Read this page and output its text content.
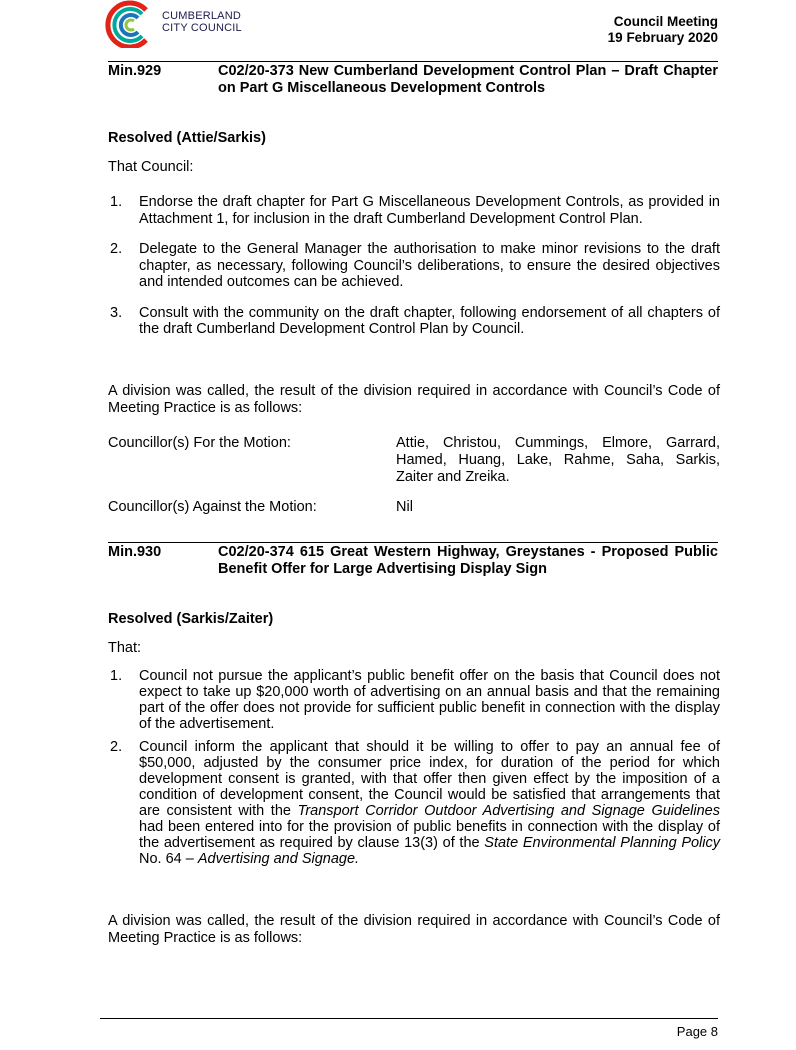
CUMBERLAND
CITY COUNCIL	Council Meeting
19 February 2020
Min.929	C02/20-373 New Cumberland Development Control Plan – Draft Chapter on Part G Miscellaneous Development Controls
Resolved (Attie/Sarkis)
That Council:
1. Endorse the draft chapter for Part G Miscellaneous Development Controls, as provided in Attachment 1, for inclusion in the draft Cumberland Development Control Plan.
2. Delegate to the General Manager the authorisation to make minor revisions to the draft chapter, as necessary, following Council’s deliberations, to ensure the desired objectives and intended outcomes can be achieved.
3. Consult with the community on the draft chapter, following endorsement of all chapters of the draft Cumberland Development Control Plan by Council.
A division was called, the result of the division required in accordance with Council’s Code of Meeting Practice is as follows:
Councillor(s) For the Motion:	Attie, Christou, Cummings, Elmore, Garrard, Hamed, Huang, Lake, Rahme, Saha, Sarkis, Zaiter and Zreika.
Councillor(s) Against the Motion:	Nil
Min.930	C02/20-374 615 Great Western Highway, Greystanes - Proposed Public Benefit Offer for Large Advertising Display Sign
Resolved (Sarkis/Zaiter)
That:
1. Council not pursue the applicant’s public benefit offer on the basis that Council does not expect to take up $20,000 worth of advertising on an annual basis and that the remaining part of the offer does not provide for sufficient public benefit in connection with the display of the advertisement.
2. Council inform the applicant that should it be willing to offer to pay an annual fee of $50,000, adjusted by the consumer price index, for duration of the period for which development consent is granted, with that offer then given effect by the imposition of a condition of development consent, the Council would be satisfied that arrangements that are consistent with the Transport Corridor Outdoor Advertising and Signage Guidelines had been entered into for the provision of public benefits in connection with the display of the advertisement as required by clause 13(3) of the State Environmental Planning Policy No. 64 – Advertising and Signage.
A division was called, the result of the division required in accordance with Council’s Code of Meeting Practice is as follows:
Page 8
